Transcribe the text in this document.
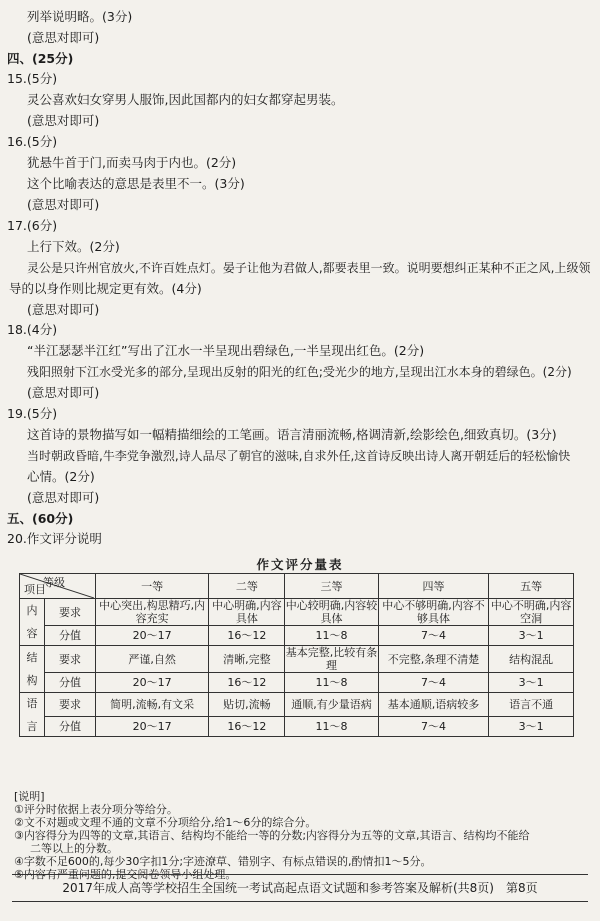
列举说明略。(3分)
(意思对即可)
四、(25分)
15.(5分)
灵公喜欢妇女穿男人服饰,因此国都内的妇女都穿起男装。
(意思对即可)
16.(5分)
犹悬牛首于门,而卖马肉于内也。(2分)
这个比喻表达的意思是表里不一。(3分)
(意思对即可)
17.(6分)
上行下效。(2分)
灵公是只许州官放火,不许百姓点灯。晏子让他为君做人,都要表里一致。说明要想纠正某种不正之风,上级领
导的以身作则比规定更有效。(4分)
(意思对即可)
作文评分量表
等级
项目		一等	二等	三等	四等	五等

内
容	要求	中心突出,构思精巧,内容充实	中心明确,内容具体	中心较明确,内容较具体	中心不够明确,内容不够具体	中心不明确,内容空洞
	分值	20～17	16～12	11～8	7～4	3～1

结
构	要求	严谨,自然	清晰,完整	基本完整,比较有条理	不完整,条理不清楚	结构混乱
	分值	20～17	16～12	11～8	7～4	3～1

语
言	要求	简明,流畅,有文采	贴切,流畅	通顺,有少量语病	基本通顺,语病较多	语言不通
	分值	20～17	16～12	11～8	7～4	3～1
[说明]
①评分时依据上表分项分等给分。
②文不对题或文理不通的文章不分项给分,给1～6分的综合分。
③内容得分为四等的文章,其语言、结构均不能给一等的分数;内容得分为五等的文章,其语言、结构均不能给
二等以上的分数。
④字数不足600的,每少30字扣1分;字迹潦草、错别字、有标点错误的,酌情扣1～5分。
⑤内容有严重问题的,提交阅卷领导小组处理。
2017年成人高等学校招生全国统一考试高起点语文试题和参考答案及解析(共8页)　第8页
18.(4分)
“半江瑟瑟半江红”写出了江水一半呈现出碧绿色,一半呈现出红色。(2分)
残阳照射下江水受光多的部分,呈现出反射的阳光的红色;受光少的地方,呈现出江水本身的碧绿色。(2分)
(意思对即可)
19.(5分)
这首诗的景物描写如一幅精描细绘的工笔画。语言清丽流畅,格调清新,绘影绘色,细致真切。(3分)
当时朝政昏暗,牛李党争激烈,诗人品尽了朝官的滋味,自求外任,这首诗反映出诗人离开朝廷后的轻松愉快
心情。(2分)
(意思对即可)
五、(60分)
20.作文评分说明
